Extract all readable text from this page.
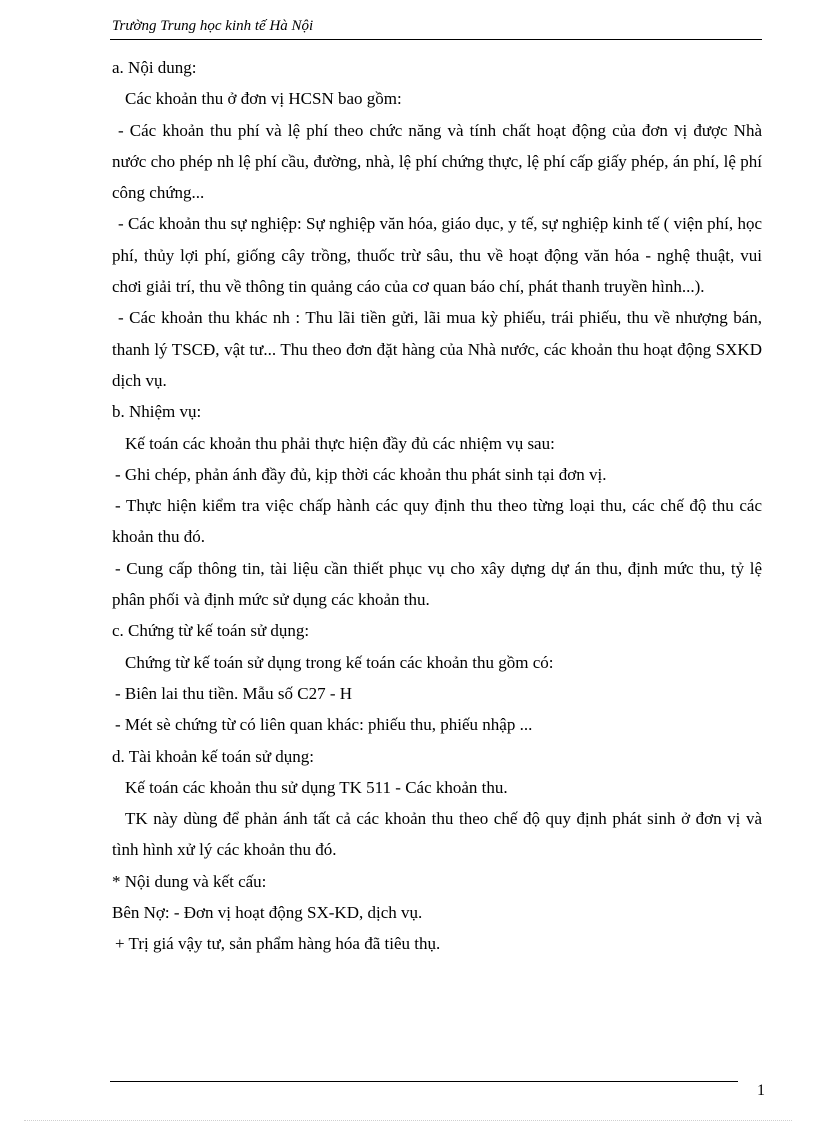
Trường Trung học kinh tế Hà Nội

a. Nội dung:

Các khoản thu ở đơn vị HCSN bao gồm:

- Các khoản thu phí và lệ phí theo chức năng và tính chất hoạt động của đơn vị được Nhà nước cho phép nh lệ phí cầu, đường, nhà, lệ phí chứng thực, lệ phí cấp giấy phép, án phí, lệ phí công chứng...

- Các khoản thu sự nghiệp: Sự nghiệp văn hóa, giáo dục, y tế, sự nghiệp kinh tế ( viện phí, học phí, thủy lợi phí, giống cây trồng, thuốc trừ sâu, thu về hoạt động văn hóa - nghệ thuật, vui chơi giải trí, thu về thông tin quảng cáo của cơ quan báo chí, phát thanh truyền hình...).

- Các khoản thu khác nh : Thu lãi tiền gửi, lãi mua kỳ phiếu, trái phiếu, thu về nhượng bán, thanh lý TSCĐ, vật tư... Thu theo đơn đặt hàng của Nhà nước, các khoản thu hoạt động SXKD dịch vụ.

b. Nhiệm vụ:

Kế toán các khoản thu phải thực hiện đầy đủ các nhiệm vụ sau:

- Ghi chép, phản ánh đầy đủ, kịp thời các khoản thu phát sinh tại đơn vị.

- Thực hiện kiểm tra việc chấp hành các quy định thu theo từng loại thu, các chế độ thu các khoản thu đó.

- Cung cấp thông tin, tài liệu cần thiết phục vụ cho xây dựng dự án thu, định mức thu, tỷ lệ phân phối và định mức sử dụng các khoản thu.

c. Chứng từ kế toán sử dụng:

Chứng từ kế toán sử dụng trong kế toán các khoản thu gồm có:

- Biên lai thu tiền. Mẫu số C27 - H

- Mét sè chứng từ có liên quan khác: phiếu thu, phiếu nhập ...

d. Tài khoản kế toán sử dụng:

Kế toán các khoản thu sử dụng TK 511 - Các khoản thu.

TK này dùng để phản ánh tất cả các khoản thu theo chế độ quy định phát sinh ở đơn vị và tình hình xử lý các khoản thu đó.

* Nội dung và kết cấu:

Bên Nợ: - Đơn vị hoạt động SX-KD, dịch vụ.

+ Trị giá vậy tư, sản phẩm hàng hóa đã tiêu thụ.

1
